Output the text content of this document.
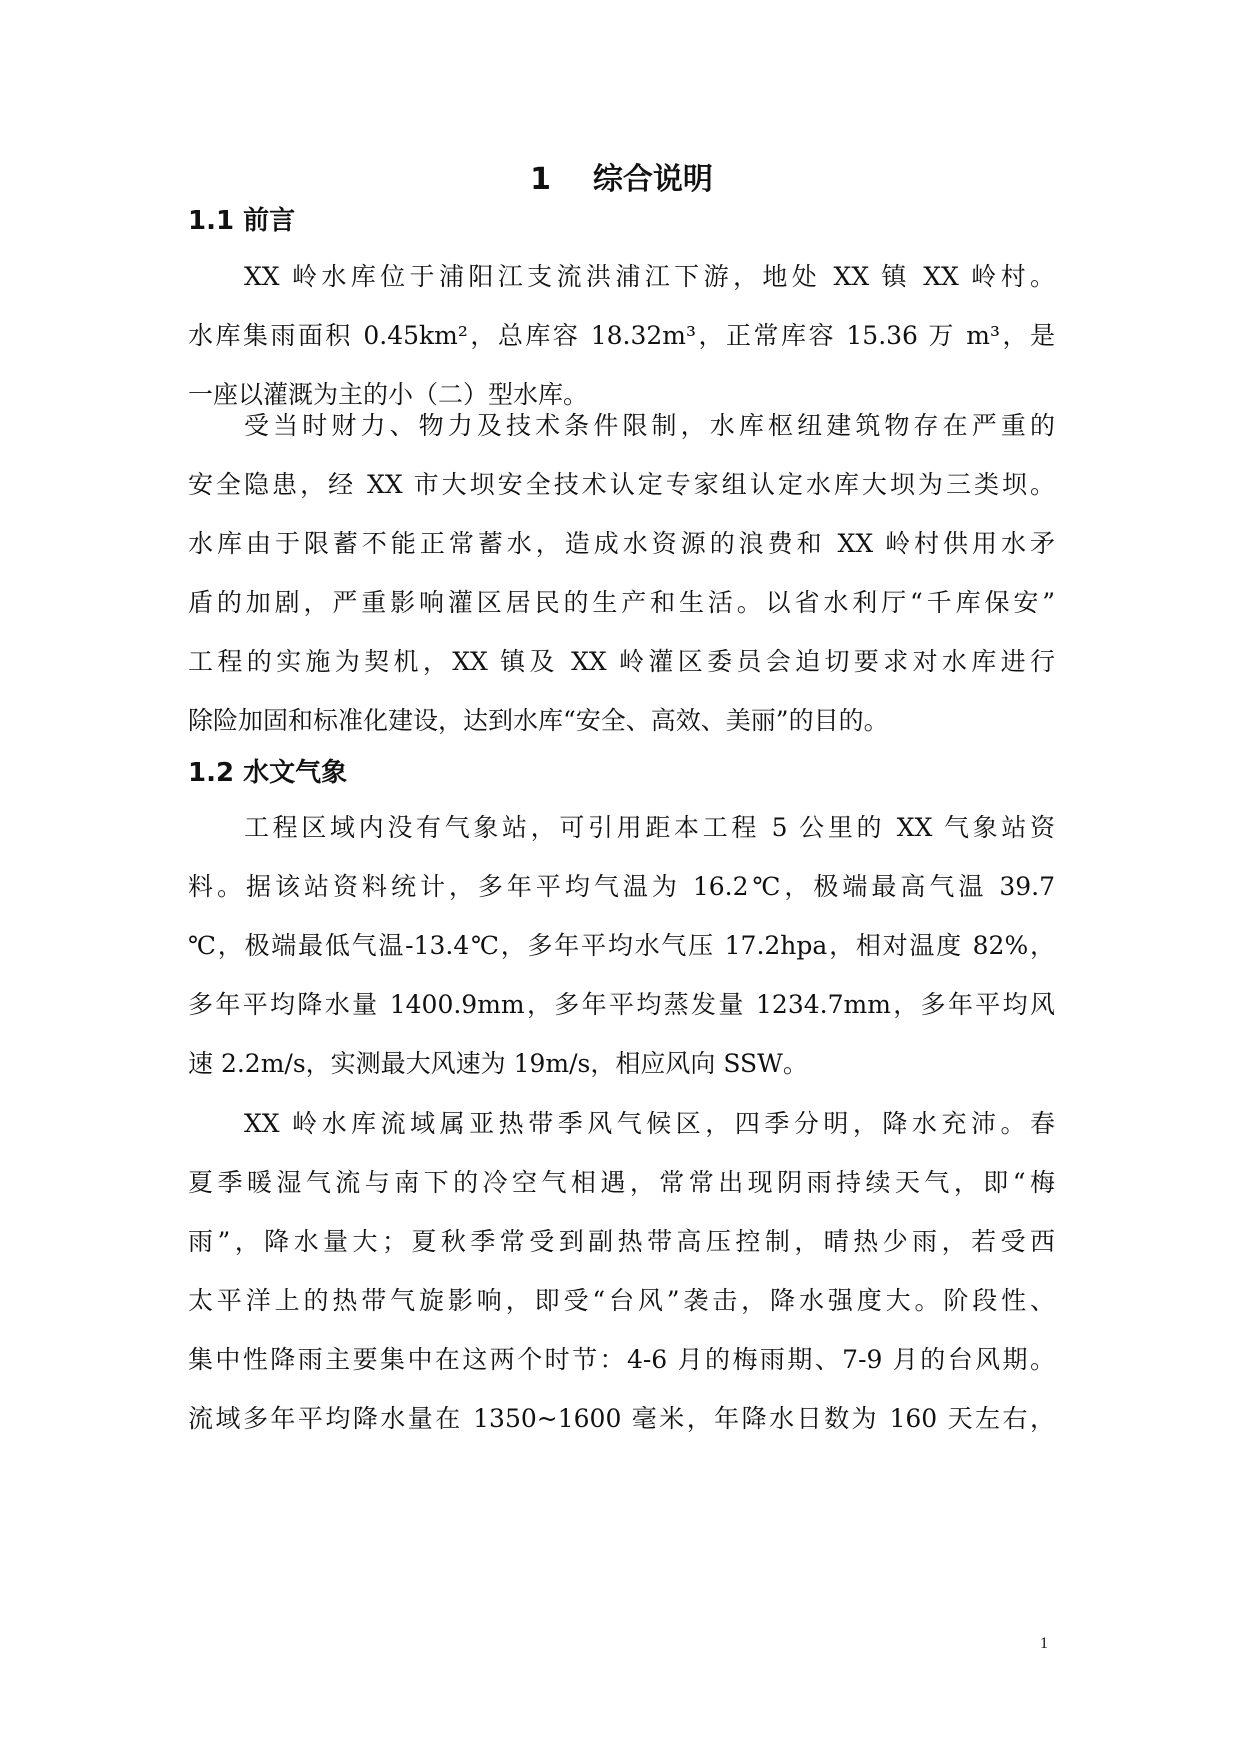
1    综合说明
1.1 前言
XX 岭水库位于浦阳江支流洪浦江下游，地处 XX 镇 XX 岭村。
水库集雨面积 0.45km²，总库容 18.32m³，正常库容 15.36 万 m³，是
一座以灌溉为主的小（二）型水库。
受当时财力、物力及技术条件限制，水库枢纽建筑物存在严重的
安全隐患，经 XX 市大坝安全技术认定专家组认定水库大坝为三类坝。
水库由于限蓄不能正常蓄水，造成水资源的浪费和 XX 岭村供用水矛
盾的加剧，严重影响灌区居民的生产和生活。以省水利厅“千库保安”
工程的实施为契机，XX 镇及 XX 岭灌区委员会迫切要求对水库进行
除险加固和标准化建设，达到水库“安全、高效、美丽”的目的。
1.2 水文气象
工程区域内没有气象站，可引用距本工程 5 公里的 XX 气象站资
料。据该站资料统计，多年平均气温为 16.2℃，极端最高气温 39.7
℃，极端最低气温-13.4℃，多年平均水气压 17.2hpa，相对温度 82%，
多年平均降水量 1400.9mm，多年平均蒸发量 1234.7mm，多年平均风
速 2.2m/s，实测最大风速为 19m/s，相应风向 SSW。
XX 岭水库流域属亚热带季风气候区，四季分明，降水充沛。春
夏季暖湿气流与南下的冷空气相遇，常常出现阴雨持续天气，即“梅
雨”，降水量大；夏秋季常受到副热带高压控制，晴热少雨，若受西
太平洋上的热带气旋影响，即受“台风”袭击，降水强度大。阶段性、
集中性降雨主要集中在这两个时节：4-6 月的梅雨期、7-9 月的台风期。
流域多年平均降水量在 1350~1600 毫米，年降水日数为 160 天左右，
1
